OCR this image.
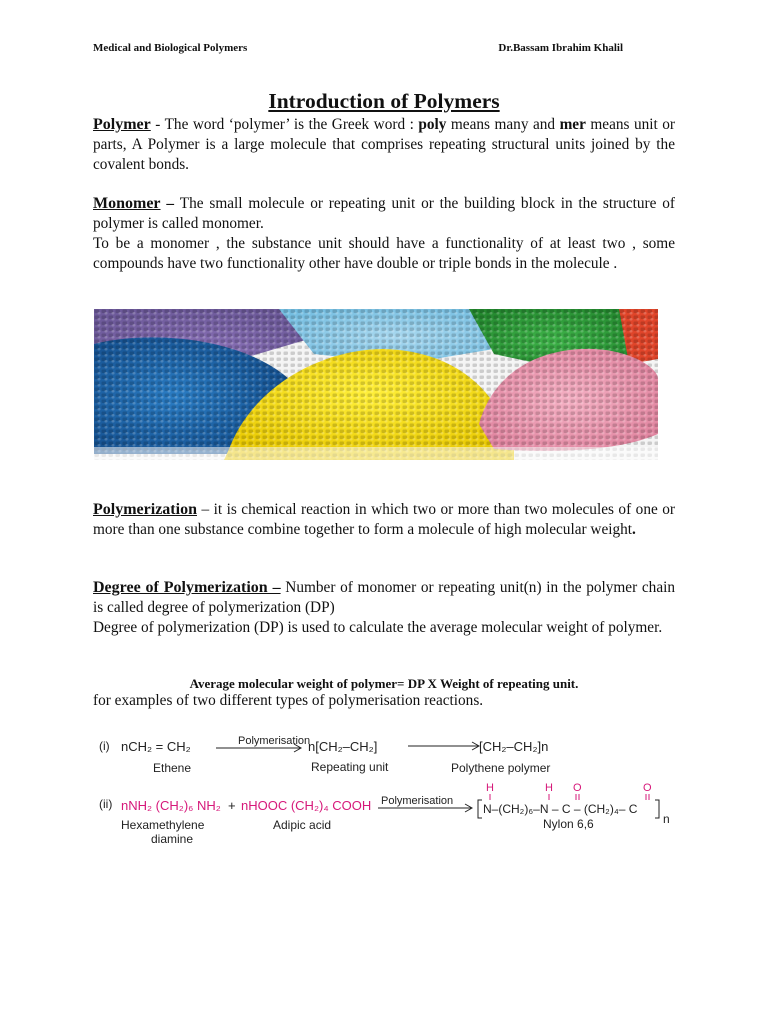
Medical and Biological Polymers	Dr.Bassam Ibrahim Khalil
Introduction of Polymers

Polymer - The word ‘polymer’ is the Greek word : poly means many and mer means unit or parts, A Polymer is a large molecule that comprises repeating structural units joined by the covalent bonds.

Monomer – The small molecule or repeating unit or the building block in the structure of polymer is called monomer.

To be a monomer , the substance unit should have a functionality of at least two , some compounds have two functionality other have double or triple bonds in the molecule .

Polymerization – it is chemical reaction in which two or more than two molecules of one or more than one substance combine together to form a molecule of high molecular weight.

Degree of Polymerization – Number of monomer or repeating unit(n) in the polymer chain is called degree of polymerization (DP)

Degree of polymerization (DP) is used to calculate the average molecular weight of polymer.

Average molecular weight of polymer= DP X Weight of repeating unit.
for examples of two different types of polymerisation reactions.
(i) nCH₂ = CH₂
Ethene
Polymerisation
n[CH₂–CH₂]
Repeating unit
[CH₂–CH₂]n
Polythene polymer
(ii) nNH₂ (CH₂)₆ NH₂ + nHOOC (CH₂)₄ COOH
Hexamethylene
diamine
Adipic acid
Polymerisation
H	H O	O
N–(CH₂)₆–N – C – (CH₂)₄– C
n
Nylon 6,6
